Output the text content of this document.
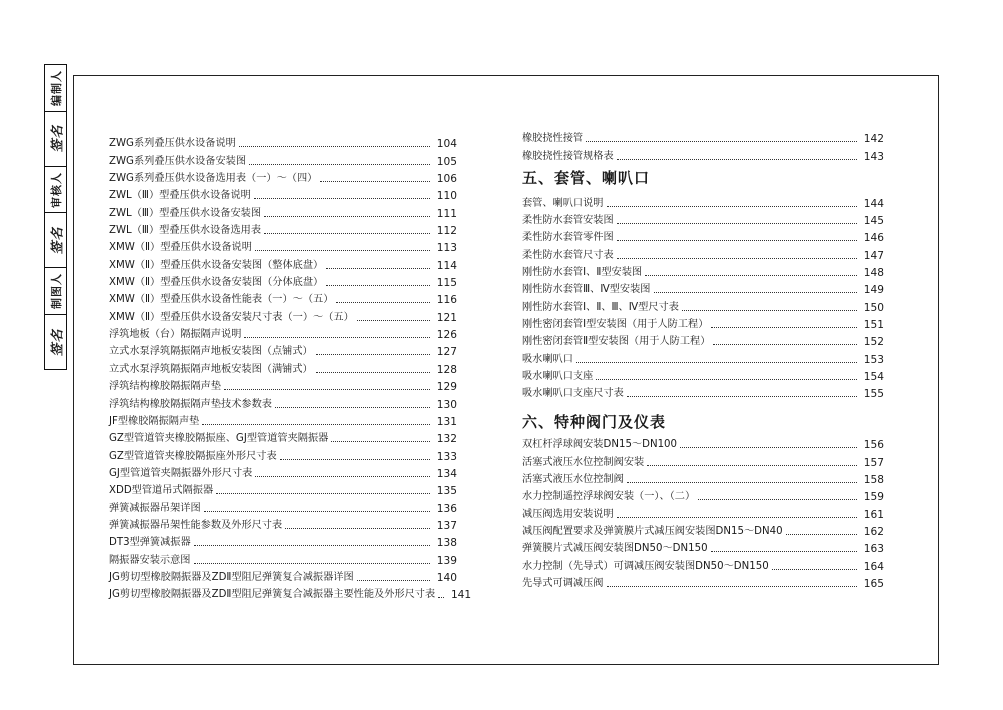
编制人
签名
审核人
签名
制图人
签名
ZWG系列叠压供水设备说明	104
ZWG系列叠压供水设备安装图	105
ZWG系列叠压供水设备选用表（一）～（四）	106
ZWL（Ⅲ）型叠压供水设备说明	110
ZWL（Ⅲ）型叠压供水设备安装图	111
ZWL（Ⅲ）型叠压供水设备选用表	112
XMW（Ⅱ）型叠压供水设备说明	113
XMW（Ⅱ）型叠压供水设备安装图（整体底盘）	114
XMW（Ⅱ）型叠压供水设备安装图（分体底盘）	115
XMW（Ⅱ）型叠压供水设备性能表（一）～（五）	116
XMW（Ⅱ）型叠压供水设备安装尺寸表（一）～（五）	121
浮筑地板（台）隔振隔声说明	126
立式水泵浮筑隔振隔声地板安装图（点铺式）	127
立式水泵浮筑隔振隔声地板安装图（满铺式）	128
浮筑结构橡胶隔振隔声垫	129
浮筑结构橡胶隔振隔声垫技术参数表	130
JF型橡胶隔振隔声垫	131
GZ型管道管夹橡胶隔振座、GJ型管道管夹隔振器	132
GZ型管道管夹橡胶隔振座外形尺寸表	133
GJ型管道管夹隔振器外形尺寸表	134
XDD型管道吊式隔振器	135
弹簧减振器吊架详图	136
弹簧减振器吊架性能参数及外形尺寸表	137
DT3型弹簧减振器	138
隔振器安装示意图	139
JG剪切型橡胶隔振器及ZDⅡ型阻尼弹簧复合减振器详图	140
JG剪切型橡胶隔振器及ZDⅡ型阻尼弹簧复合减振器主要性能及外形尺寸表	141
橡胶挠性接管	142
橡胶挠性接管规格表	143
五、套管、喇叭口
套管、喇叭口说明	144
柔性防水套管安装图	145
柔性防水套管零件图	146
柔性防水套管尺寸表	147
刚性防水套管Ⅰ、Ⅱ型安装图	148
刚性防水套管Ⅲ、Ⅳ型安装图	149
刚性防水套管Ⅰ、Ⅱ、Ⅲ、Ⅳ型尺寸表	150
刚性密闭套管Ⅰ型安装图（用于人防工程）	151
刚性密闭套管Ⅱ型安装图（用于人防工程）	152
吸水喇叭口	153
吸水喇叭口支座	154
吸水喇叭口支座尺寸表	155
六、特种阀门及仪表
双杠杆浮球阀安装DN15～DN100	156
活塞式液压水位控制阀安装	157
活塞式液压水位控制阀	158
水力控制遥控浮球阀安装（一）、（二）	159
减压阀选用安装说明	161
减压阀配置要求及弹簧膜片式减压阀安装图DN15～DN40	162
弹簧膜片式减压阀安装图DN50～DN150	163
水力控制（先导式）可调减压阀安装图DN50～DN150	164
先导式可调减压阀	165
